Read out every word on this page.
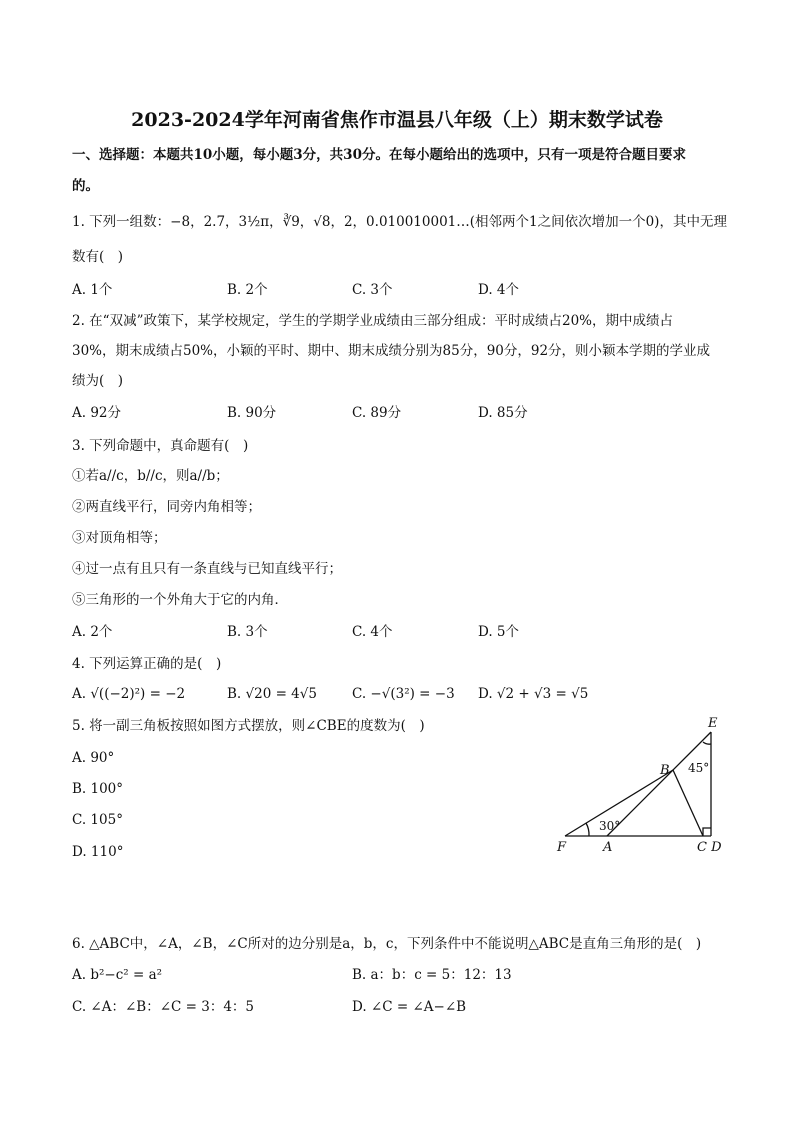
2023-2024学年河南省焦作市温县八年级（上）期末数学试卷
一、选择题：本题共10小题，每小题3分，共30分。在每小题给出的选项中，只有一项是符合题目要求
的。
1. 下列一组数：−8，2.7，3½π，∛9，√8，2，0.010010001…(相邻两个1之间依次增加一个0)，其中无理
数有(　)
A. 1个	B. 2个	C. 3个	D. 4个
2. 在“双减”政策下，某学校规定，学生的学期学业成绩由三部分组成：平时成绩占20%，期中成绩占
30%，期末成绩占50%，小颖的平时、期中、期末成绩分别为85分，90分，92分，则小颖本学期的学业成
绩为(　)
A. 92分	B. 90分	C. 89分	D. 85分
3. 下列命题中，真命题有(　)
①若a//c，b//c，则a//b；
②两直线平行，同旁内角相等；
③对顶角相等；
④过一点有且只有一条直线与已知直线平行；
⑤三角形的一个外角大于它的内角．
A. 2个	B. 3个	C. 4个	D. 5个
4. 下列运算正确的是(　)
A. √((−2)²) = −2	B. √20 = 4√5	C. −√(3²) = −3 D. √2 + √3 = √5
5. 将一副三角板按照如图方式摆放，则∠CBE的度数为(　)
A. 90°
B. 100°
C. 105°
D. 110°
E
B
F	A	C D
45°
30°
6. △ABC中，∠A，∠B，∠C所对的边分别是a，b，c，下列条件中不能说明△ABC是直角三角形的是(　)
A. b²−c² = a²	B. a：b：c = 5：12：13
C. ∠A：∠B：∠C = 3：4：5	D. ∠C = ∠A−∠B
